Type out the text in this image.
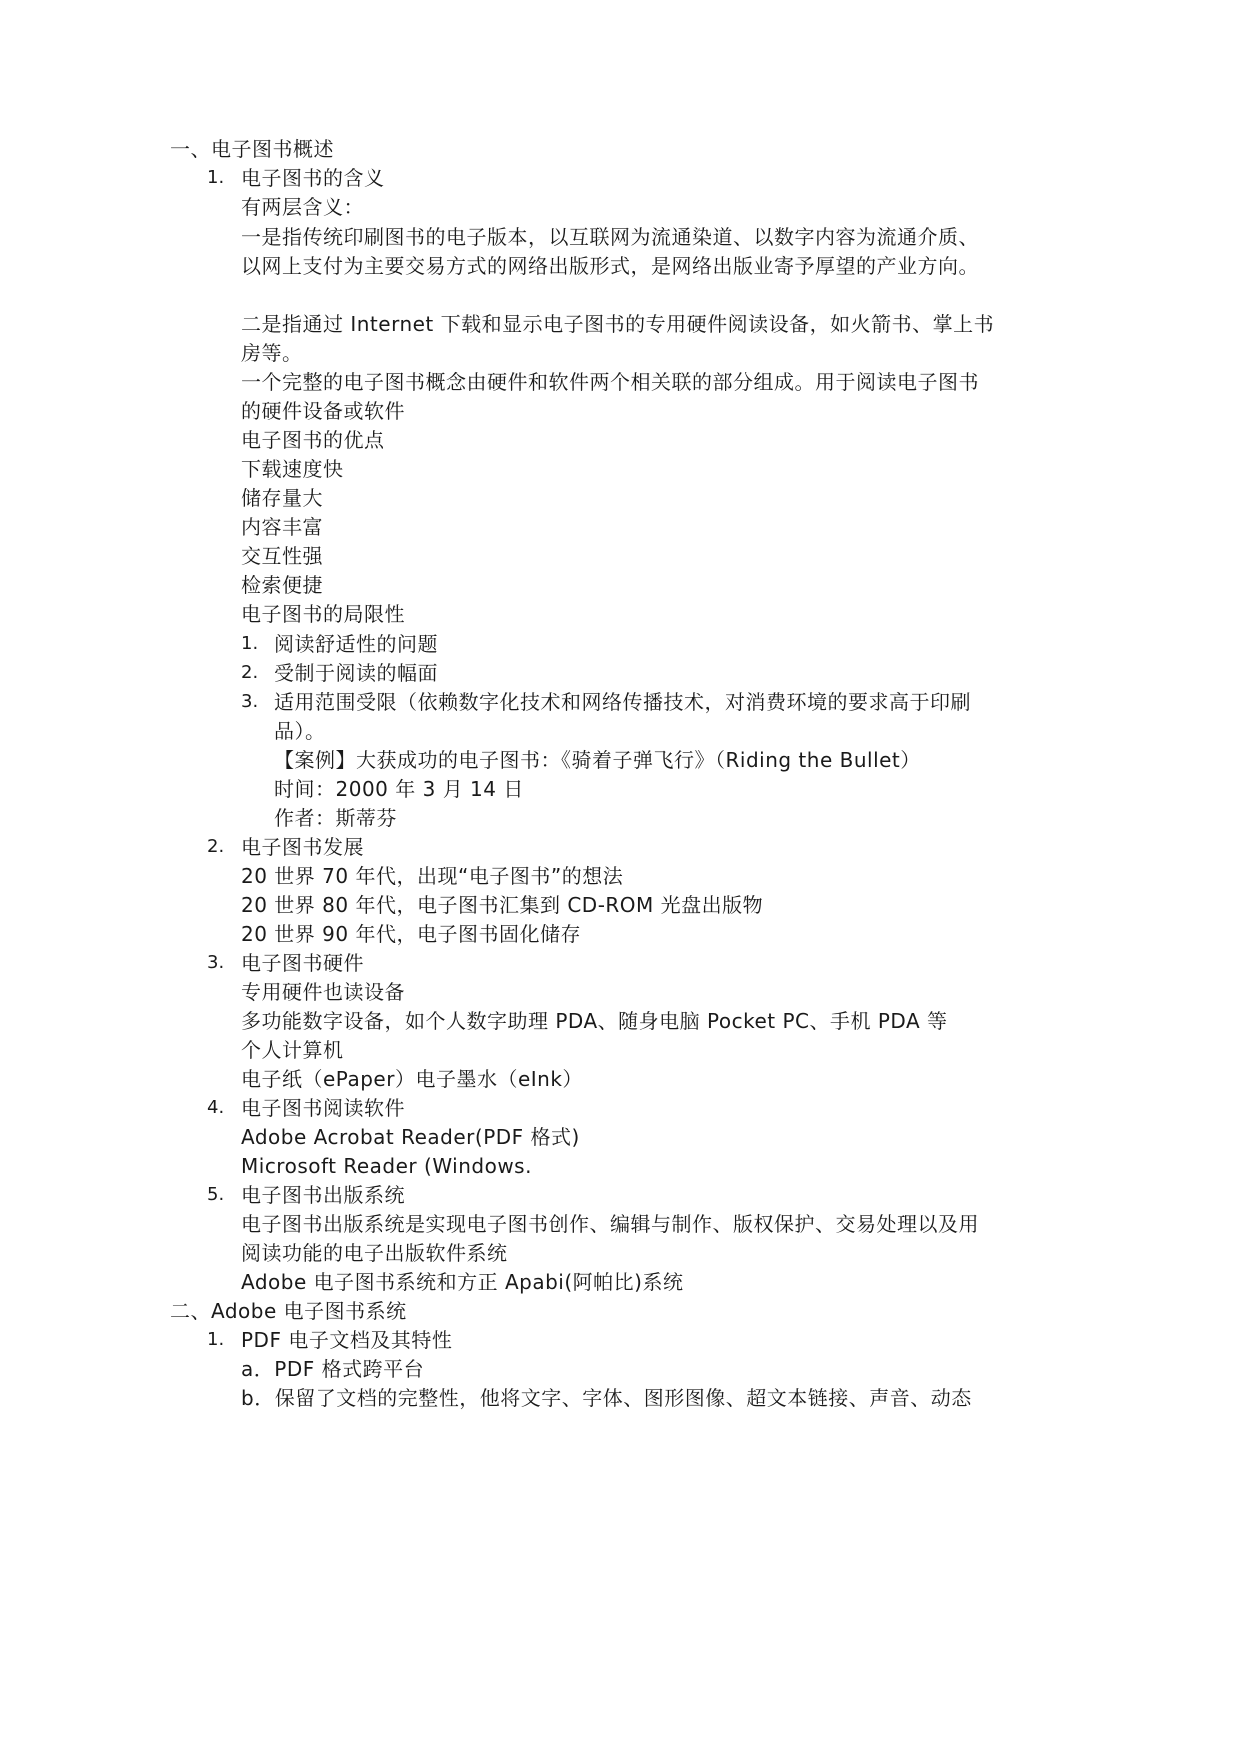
一、电子图书概述
1. 电子图书的含义
有两层含义：
一是指传统印刷图书的电子版本，以互联网为流通染道、以数字内容为流通介质、
以网上支付为主要交易方式的网络出版形式，是网络出版业寄予厚望的产业方向。
二是指通过 Internet 下载和显示电子图书的专用硬件阅读设备，如火箭书、掌上书
房等。
一个完整的电子图书概念由硬件和软件两个相关联的部分组成。用于阅读电子图书
的硬件设备或软件
电子图书的优点
下载速度快
储存量大
内容丰富
交互性强
检索便捷
电子图书的局限性
1. 阅读舒适性的问题
2. 受制于阅读的幅面
3. 适用范围受限（依赖数字化技术和网络传播技术，对消费环境的要求高于印刷
品）。
【案例】大获成功的电子图书：《骑着子弹飞行》（Riding the Bullet）
时间：2000 年 3 月 14 日
作者：斯蒂芬
2. 电子图书发展
20 世界 70 年代，出现“电子图书”的想法
20 世界 80 年代，电子图书汇集到 CD-ROM 光盘出版物
20 世界 90 年代，电子图书固化储存
3. 电子图书硬件
专用硬件也读设备
多功能数字设备，如个人数字助理 PDA、随身电脑 Pocket PC、手机 PDA 等
个人计算机
电子纸（ePaper）电子墨水（eInk）
4. 电子图书阅读软件
Adobe Acrobat Reader(PDF 格式)
Microsoft Reader (Windows.
5. 电子图书出版系统
电子图书出版系统是实现电子图书创作、编辑与制作、版权保护、交易处理以及用
阅读功能的电子出版软件系统
Adobe 电子图书系统和方正 Apabi(阿帕比)系统
二、Adobe 电子图书系统
1. PDF 电子文档及其特性
a．PDF 格式跨平台
b．保留了文档的完整性，他将文字、字体、图形图像、超文本链接、声音、动态
